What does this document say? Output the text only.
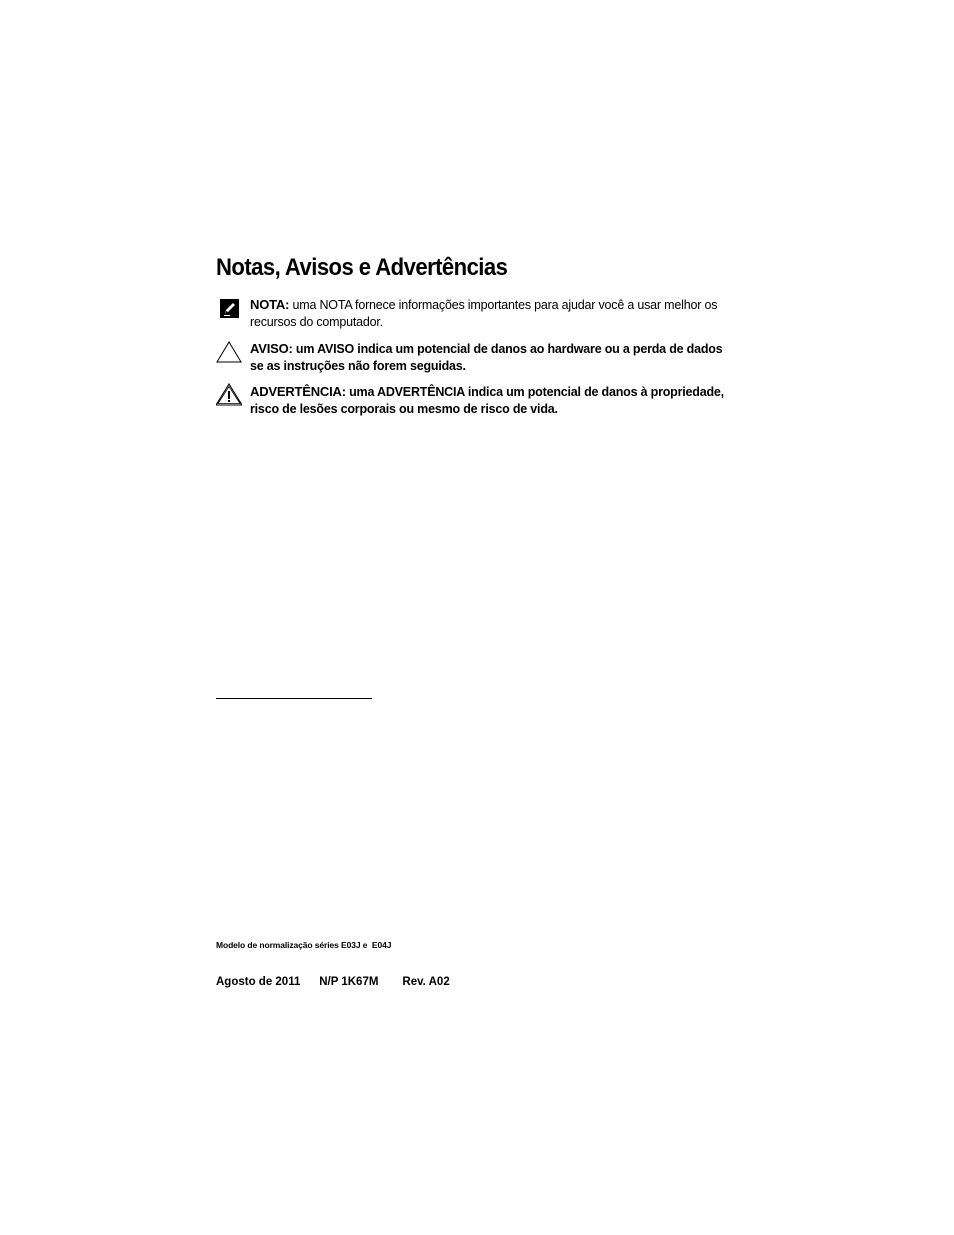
Notas, Avisos e Advertências
NOTA: uma NOTA fornece informações importantes para ajudar você a usar melhor os recursos do computador.
AVISO: um AVISO indica um potencial de danos ao hardware ou a perda de dados se as instruções não forem seguidas.
ADVERTÊNCIA: uma ADVERTÊNCIA indica um potencial de danos à propriedade, risco de lesões corporais ou mesmo de risco de vida.
Modelo de normalização séries E03J e  E04J
Agosto de 2011 N/P 1K67M Rev. A02
